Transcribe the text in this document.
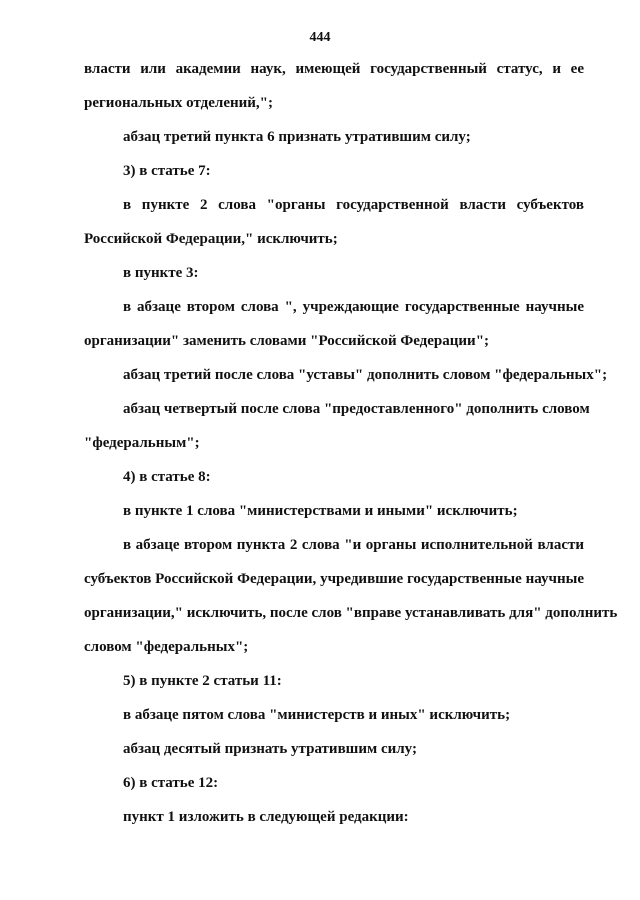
444
власти или академии наук, имеющей государственный статус, и ее
региональных отделений,";
абзац третий пункта 6 признать утратившим силу;
3) в статье 7:
в пункте 2 слова "органы государственной власти субъектов
Российской Федерации," исключить;
в пункте 3:
в абзаце втором слова ", учреждающие государственные научные
организации" заменить словами "Российской Федерации";
абзац третий после слова "уставы" дополнить словом "федеральных";
абзац четвертый после слова "предоставленного" дополнить словом
"федеральным";
4) в статье 8:
в пункте 1 слова "министерствами и иными" исключить;
в абзаце втором пункта 2 слова "и органы исполнительной власти
субъектов Российской Федерации, учредившие государственные научные
организации," исключить, после слов "вправе устанавливать для" дополнить
словом "федеральных";
5) в пункте 2 статьи 11:
в абзаце пятом слова "министерств и иных" исключить;
абзац десятый признать утратившим силу;
6) в статье 12:
пункт 1 изложить в следующей редакции:
